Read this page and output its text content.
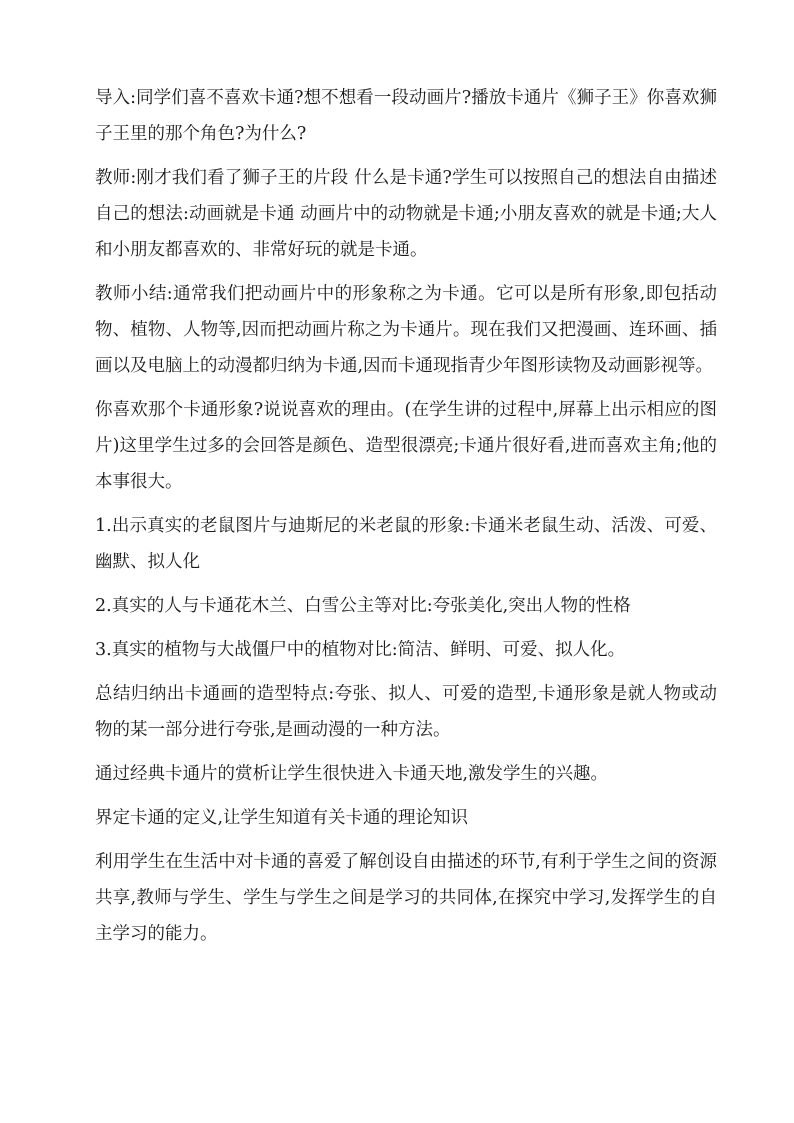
导入:同学们喜不喜欢卡通?想不想看一段动画片?播放卡通片《狮子王》你喜欢狮子王里的那个角色?为什么?

教师:刚才我们看了狮子王的片段 什么是卡通?学生可以按照自己的想法自由描述自己的想法:动画就是卡通 动画片中的动物就是卡通;小朋友喜欢的就是卡通;大人和小朋友都喜欢的、非常好玩的就是卡通。

教师小结:通常我们把动画片中的形象称之为卡通。它可以是所有形象,即包括动物、植物、人物等,因而把动画片称之为卡通片。现在我们又把漫画、连环画、插画以及电脑上的动漫都归纳为卡通,因而卡通现指青少年图形读物及动画影视等。

你喜欢那个卡通形象?说说喜欢的理由。(在学生讲的过程中,屏幕上出示相应的图片)这里学生过多的会回答是颜色、造型很漂亮;卡通片很好看,进而喜欢主角;他的本事很大。

1.出示真实的老鼠图片与迪斯尼的米老鼠的形象:卡通米老鼠生动、活泼、可爱、幽默、拟人化

2.真实的人与卡通花木兰、白雪公主等对比:夸张美化,突出人物的性格

3.真实的植物与大战僵尸中的植物对比:简洁、鲜明、可爱、拟人化。

总结归纳出卡通画的造型特点:夸张、拟人、可爱的造型,卡通形象是就人物或动物的某一部分进行夸张,是画动漫的一种方法。

通过经典卡通片的赏析让学生很快进入卡通天地,激发学生的兴趣。

界定卡通的定义,让学生知道有关卡通的理论知识

利用学生在生活中对卡通的喜爱了解创设自由描述的环节,有利于学生之间的资源共享,教师与学生、学生与学生之间是学习的共同体,在探究中学习,发挥学生的自主学习的能力。
